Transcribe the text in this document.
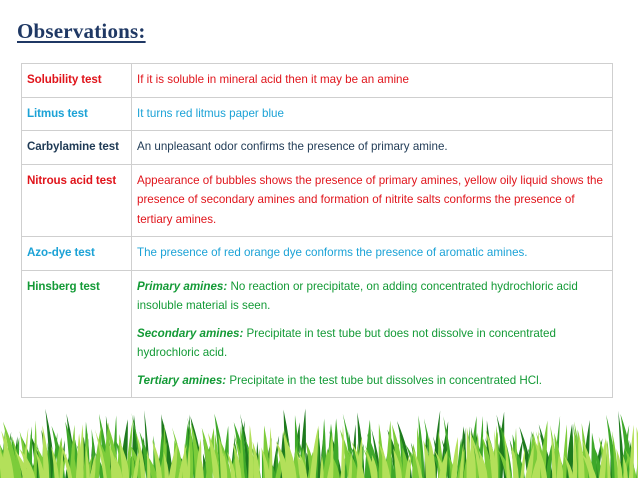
Observations:
Solubility test	If it is soluble in mineral acid then it may be an amine
Litmus test	It turns red litmus paper blue
Carbylamine test	An unpleasant odor confirms the presence of primary amine.
Nitrous acid test	Appearance of bubbles shows the presence of primary amines, yellow oily liquid shows the presence of secondary amines and formation of nitrite salts conforms the presence of tertiary amines.
Azo-dye test	The presence of red orange dye conforms the presence of aromatic amines.
Hinsberg test	Primary amines: No reaction or precipitate, on adding concentrated hydrochloric acid insoluble material is seen.

Secondary amines: Precipitate in test tube but does not dissolve in concentrated hydrochloric acid.

Tertiary amines: Precipitate in the test tube but dissolves in concentrated HCl.
